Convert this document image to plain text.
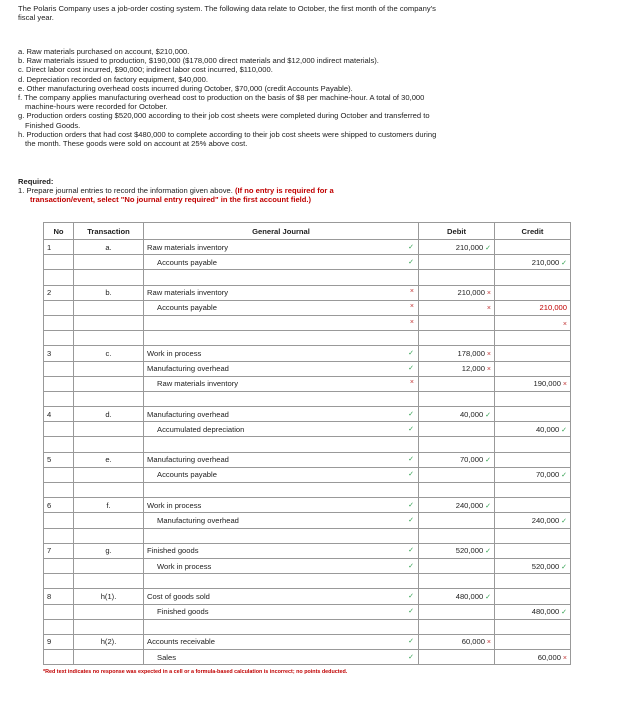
The Polaris Company uses a job-order costing system. The following data relate to October, the first month of the company's fiscal year.
a. Raw materials purchased on account, $210,000.
b. Raw materials issued to production, $190,000 ($178,000 direct materials and $12,000 indirect materials).
c. Direct labor cost incurred, $90,000; indirect labor cost incurred, $110,000.
d. Depreciation recorded on factory equipment, $40,000.
e. Other manufacturing overhead costs incurred during October, $70,000 (credit Accounts Payable).
f. The company applies manufacturing overhead cost to production on the basis of $8 per machine-hour. A total of 30,000 machine-hours were recorded for October.
g. Production orders costing $520,000 according to their job cost sheets were completed during October and transferred to Finished Goods.
h. Production orders that had cost $480,000 to complete according to their job cost sheets were shipped to customers during the month. These goods were sold on account at 25% above cost.
Required:
1. Prepare journal entries to record the information given above. (If no entry is required for a
transaction/event, select "No journal entry required" in the first account field.)
No	Transaction	General Journal	Debit	Credit
1	a.	Raw materials inventory ✓	210,000 ✓	
		Accounts payable ✓		210,000 ✓

2	b.	Raw materials inventory ×	210,000 ×	
		Accounts payable ×	×	210,000

		×		×

3	c.	Work in process ✓	178,000 ×	
		Manufacturing overhead ✓	12,000 ×	
		Raw materials inventory ×		190,000 ×

4	d.	Manufacturing overhead ✓	40,000 ✓	
		Accumulated depreciation ✓		40,000 ✓

5	e.	Manufacturing overhead ✓	70,000 ✓	
		Accounts payable ✓		70,000 ✓

6	f.	Work in process ✓	240,000 ✓	
		Manufacturing overhead ✓		240,000 ✓

7	g.	Finished goods ✓	520,000 ✓	
		Work in process ✓		520,000 ✓

8	h(1).	Cost of goods sold ✓	480,000 ✓	
		Finished goods ✓		480,000 ✓

9	h(2).	Accounts receivable ✓	60,000 ×	
		Sales ✓		60,000 ×
*Red text indicates no response was expected in a cell or a formula-based calculation is incorrect; no points deducted.
